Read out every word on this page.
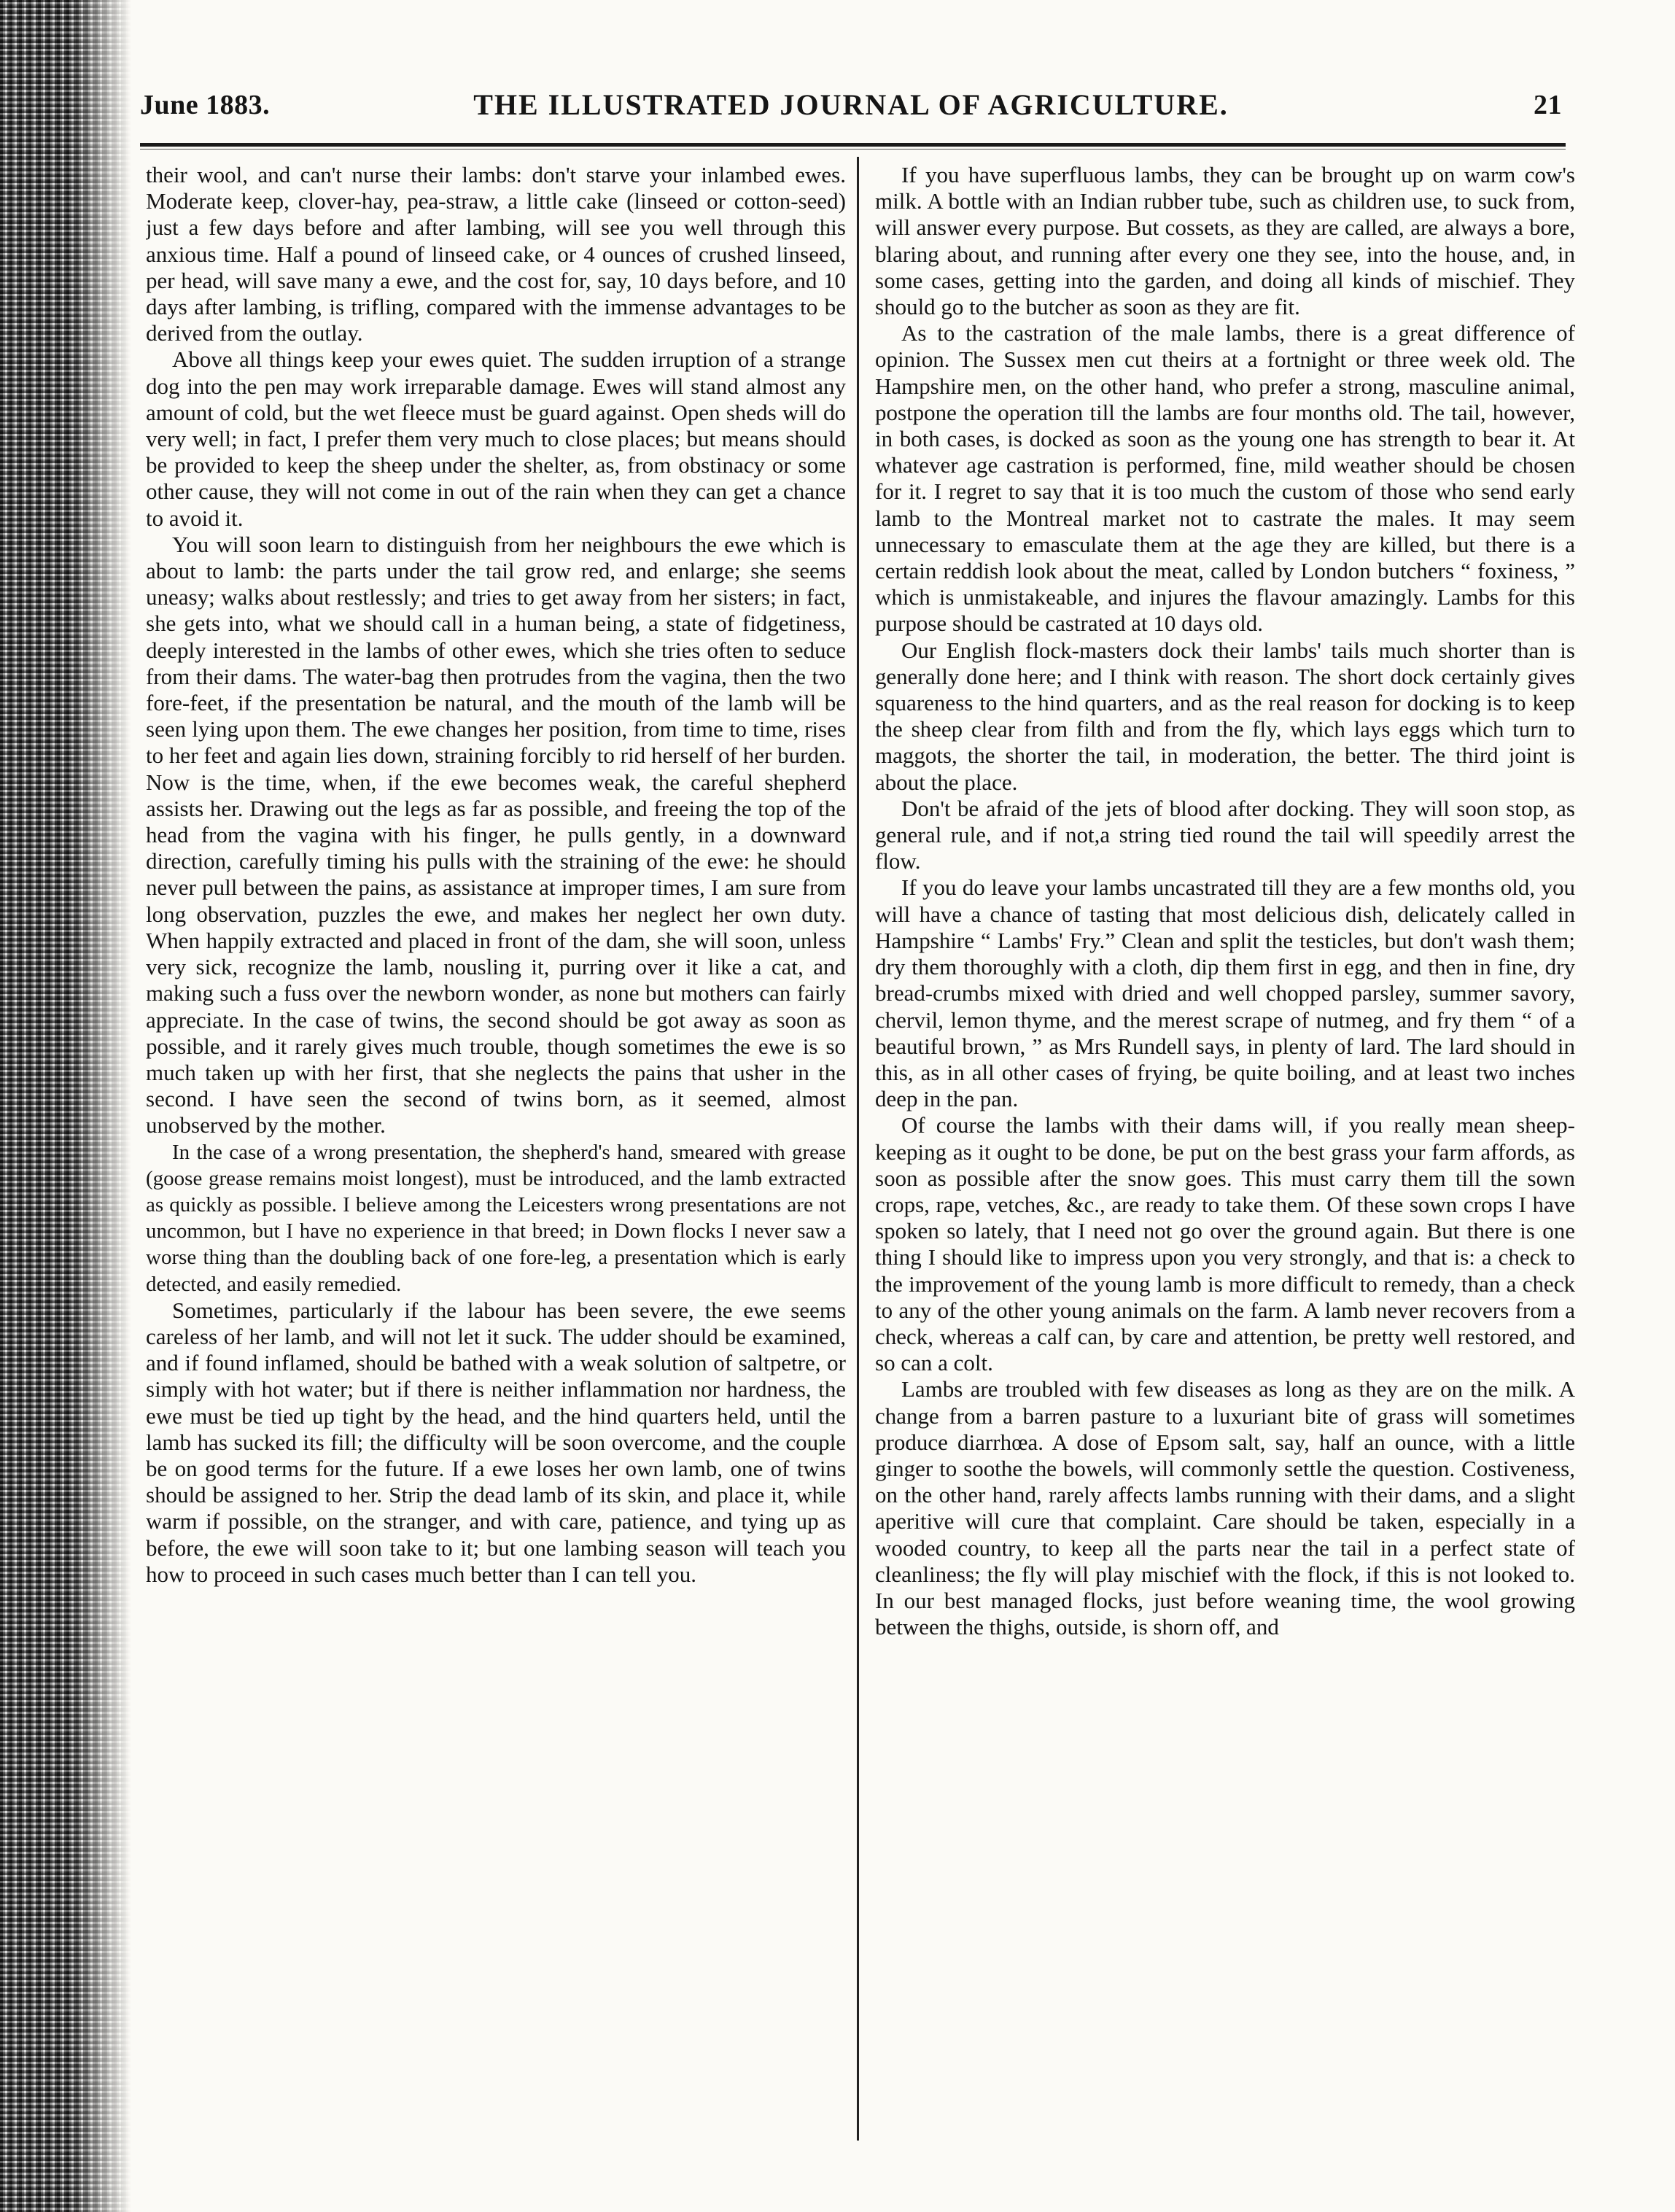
June 1883.	THE ILLUSTRATED JOURNAL OF AGRICULTURE.	21

their wool, and can't nurse their lambs: don't starve your inlambed ewes. Moderate keep, clover-hay, pea-straw, a little cake (linseed or cotton-seed) just a few days before and after lambing, will see you well through this anxious time. Half a pound of linseed cake, or 4 ounces of crushed linseed, per head, will save many a ewe, and the cost for, say, 10 days before, and 10 days after lambing, is trifling, compared with the immense advantages to be derived from the outlay.

Above all things keep your ewes quiet. The sudden irruption of a strange dog into the pen may work irreparable damage. Ewes will stand almost any amount of cold, but the wet fleece must be guard against. Open sheds will do very well; in fact, I prefer them very much to close places; but means should be provided to keep the sheep under the shelter, as, from obstinacy or some other cause, they will not come in out of the rain when they can get a chance to avoid it.

You will soon learn to distinguish from her neighbours the ewe which is about to lamb: the parts under the tail grow red, and enlarge; she seems uneasy; walks about restlessly; and tries to get away from her sisters; in fact, she gets into, what we should call in a human being, a state of fidgetiness, deeply interested in the lambs of other ewes, which she tries often to seduce from their dams. The water-bag then protrudes from the vagina, then the two fore-feet, if the presentation be natural, and the mouth of the lamb will be seen lying upon them. The ewe changes her position, from time to time, rises to her feet and again lies down, straining forcibly to rid herself of her burden. Now is the time, when, if the ewe becomes weak, the careful shepherd assists her. Drawing out the legs as far as possible, and freeing the top of the head from the vagina with his finger, he pulls gently, in a downward direction, carefully timing his pulls with the straining of the ewe: he should never pull between the pains, as assistance at improper times, I am sure from long observation, puzzles the ewe, and makes her neglect her own duty. When happily extracted and placed in front of the dam, she will soon, unless very sick, recognize the lamb, nousling it, purring over it like a cat, and making such a fuss over the newborn wonder, as none but mothers can fairly appreciate. In the case of twins, the second should be got away as soon as possible, and it rarely gives much trouble, though sometimes the ewe is so much taken up with her first, that she neglects the pains that usher in the second. I have seen the second of twins born, as it seemed, almost unobserved by the mother.

In the case of a wrong presentation, the shepherd's hand, smeared with grease (goose grease remains moist longest), must be introduced, and the lamb extracted as quickly as possible. I believe among the Leicesters wrong presentations are not uncommon, but I have no experience in that breed; in Down flocks I never saw a worse thing than the doubling back of one fore-leg, a presentation which is early detected, and easily remedied.

Sometimes, particularly if the labour has been severe, the ewe seems careless of her lamb, and will not let it suck. The udder should be examined, and if found inflamed, should be bathed with a weak solution of saltpetre, or simply with hot water; but if there is neither inflammation nor hardness, the ewe must be tied up tight by the head, and the hind quarters held, until the lamb has sucked its fill; the difficulty will be soon overcome, and the couple be on good terms for the future. If a ewe loses her own lamb, one of twins should be assigned to her. Strip the dead lamb of its skin, and place it, while warm if possible, on the stranger, and with care, patience, and tying up as before, the ewe will soon take to it; but one lambing season will teach you how to proceed in such cases much better than I can tell you.

If you have superfluous lambs, they can be brought up on warm cow's milk. A bottle with an Indian rubber tube, such as children use, to suck from, will answer every purpose. But cossets, as they are called, are always a bore, blaring about, and running after every one they see, into the house, and, in some cases, getting into the garden, and doing all kinds of mischief. They should go to the butcher as soon as they are fit.

As to the castration of the male lambs, there is a great difference of opinion. The Sussex men cut theirs at a fortnight or three week old. The Hampshire men, on the other hand, who prefer a strong, masculine animal, postpone the operation till the lambs are four months old. The tail, however, in both cases, is docked as soon as the young one has strength to bear it. At whatever age castration is performed, fine, mild weather should be chosen for it. I regret to say that it is too much the custom of those who send early lamb to the Montreal market not to castrate the males. It may seem unnecessary to emasculate them at the age they are killed, but there is a certain reddish look about the meat, called by London butchers “ foxiness, ” which is unmistakeable, and injures the flavour amazingly. Lambs for this purpose should be castrated at 10 days old.

Our English flock-masters dock their lambs' tails much shorter than is generally done here; and I think with reason. The short dock certainly gives squareness to the hind quarters, and as the real reason for docking is to keep the sheep clear from filth and from the fly, which lays eggs which turn to maggots, the shorter the tail, in moderation, the better. The third joint is about the place.

Don't be afraid of the jets of blood after docking. They will soon stop, as general rule, and if not,a string tied round the tail will speedily arrest the flow.

If you do leave your lambs uncastrated till they are a few months old, you will have a chance of tasting that most delicious dish, delicately called in Hampshire “ Lambs' Fry.” Clean and split the testicles, but don't wash them; dry them thoroughly with a cloth, dip them first in egg, and then in fine, dry bread-crumbs mixed with dried and well chopped parsley, summer savory, chervil, lemon thyme, and the merest scrape of nutmeg, and fry them “ of a beautiful brown, ” as Mrs Rundell says, in plenty of lard. The lard should in this, as in all other cases of frying, be quite boiling, and at least two inches deep in the pan.

Of course the lambs with their dams will, if you really mean sheep-keeping as it ought to be done, be put on the best grass your farm affords, as soon as possible after the snow goes. This must carry them till the sown crops, rape, vetches, &c., are ready to take them. Of these sown crops I have spoken so lately, that I need not go over the ground again. But there is one thing I should like to impress upon you very strongly, and that is: a check to the improvement of the young lamb is more difficult to remedy, than a check to any of the other young animals on the farm. A lamb never recovers from a check, whereas a calf can, by care and attention, be pretty well restored, and so can a colt.

Lambs are troubled with few diseases as long as they are on the milk. A change from a barren pasture to a luxuriant bite of grass will sometimes produce diarrhœa. A dose of Epsom salt, say, half an ounce, with a little ginger to soothe the bowels, will commonly settle the question. Costiveness, on the other hand, rarely affects lambs running with their dams, and a slight aperitive will cure that complaint. Care should be taken, especially in a wooded country, to keep all the parts near the tail in a perfect state of cleanliness; the fly will play mischief with the flock, if this is not looked to. In our best managed flocks, just before weaning time, the wool growing between the thighs, outside, is shorn off, and
